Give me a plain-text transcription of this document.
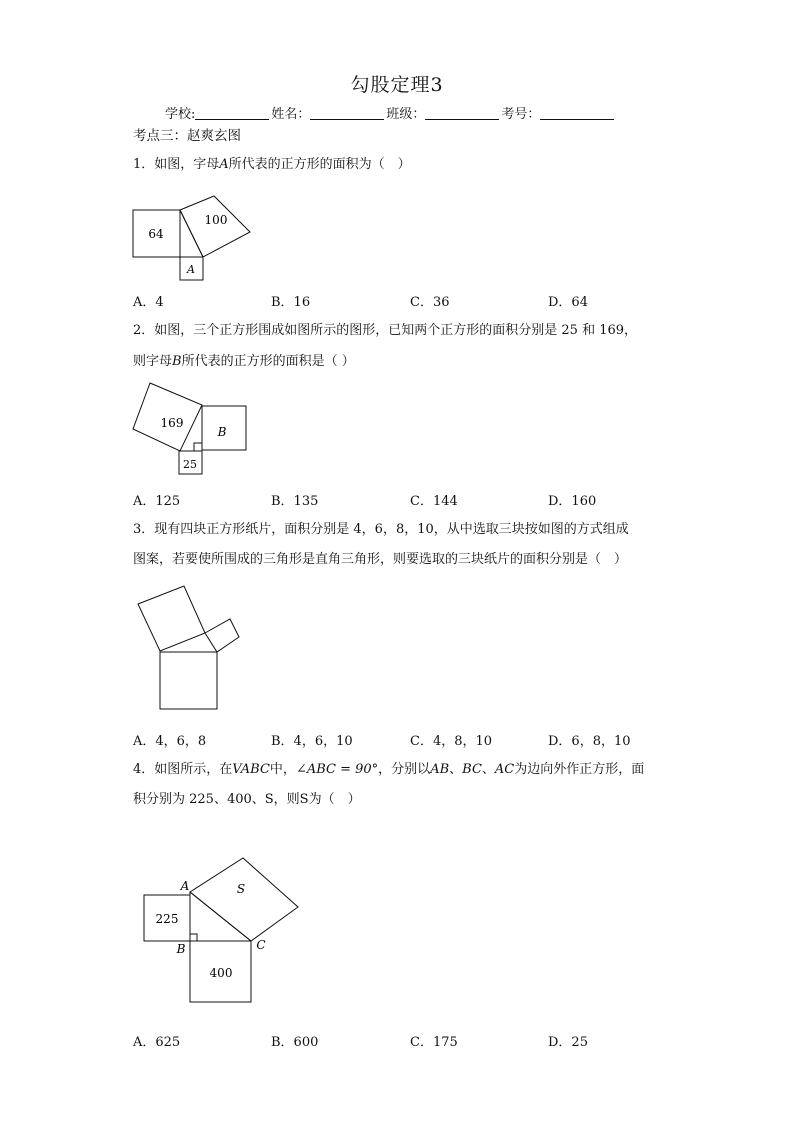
勾股定理3
学校:	姓名：	班级：	考号：
考点三：赵爽玄图
1．如图，字母A所代表的正方形的面积为（　）
64
100
A
A．4	B．16	C．36	D．64
2．如图，三个正方形围成如图所示的图形，已知两个正方形的面积分别是 25 和 169，
则字母B所代表的正方形的面积是（ ）
169
B
25
A．125	B．135	C．144	D．160
3．现有四块正方形纸片，面积分别是 4，6，8，10，从中选取三块按如图的方式组成
图案，若要使所围成的三角形是直角三角形，则要选取的三块纸片的面积分别是（　）
A．4，6，8	B．4，6，10	C．4，8，10	D．6，8，10
4．如图所示，在VABC中，∠ABC = 90°，分别以AB、BC、AC为边向外作正方形，面
积分别为 225、400、S，则S为（　）
A
B	C
S
225
400
A．625	B．600	C．175	D．25
